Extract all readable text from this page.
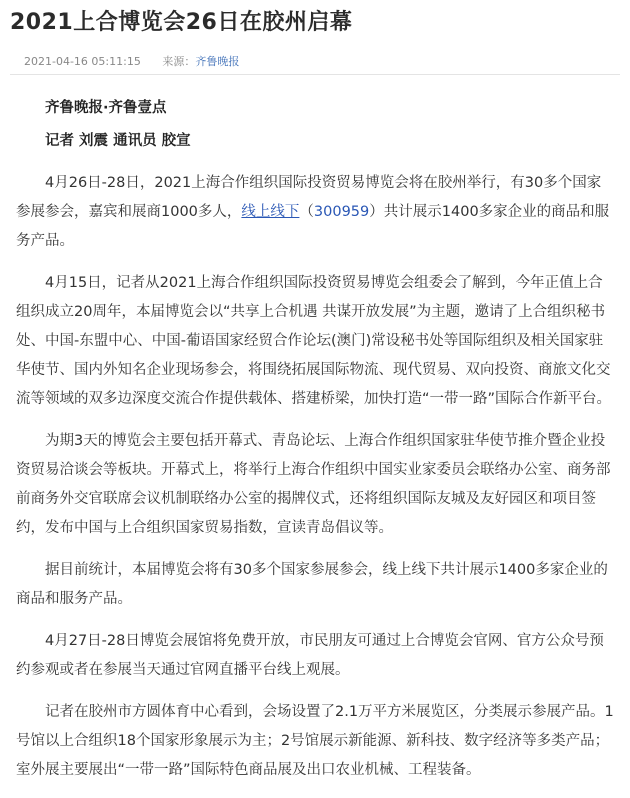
2021上合博览会26日在胶州启幕
2021-04-16 05:11:15 来源：齐鲁晚报

齐鲁晚报·齐鲁壹点

记者 刘震 通讯员 胶宣

4月26日-28日，2021上海合作组织国际投资贸易博览会将在胶州举行，有30多个国家参展参会，嘉宾和展商1000多人，线上线下（300959）共计展示1400多家企业的商品和服务产品。

4月15日，记者从2021上海合作组织国际投资贸易博览会组委会了解到，今年正值上合组织成立20周年，本届博览会以“共享上合机遇 共谋开放发展”为主题，邀请了上合组织秘书处、中国-东盟中心、中国-葡语国家经贸合作论坛(澳门)常设秘书处等国际组织及相关国家驻华使节、国内外知名企业现场参会，将围绕拓展国际物流、现代贸易、双向投资、商旅文化交流等领域的双多边深度交流合作提供载体、搭建桥梁，加快打造“一带一路”国际合作新平台。

为期3天的博览会主要包括开幕式、青岛论坛、上海合作组织国家驻华使节推介暨企业投资贸易洽谈会等板块。开幕式上，将举行上海合作组织中国实业家委员会联络办公室、商务部前商务外交官联席会议机制联络办公室的揭牌仪式，还将组织国际友城及友好园区和项目签约，发布中国与上合组织国家贸易指数，宣读青岛倡议等。

据目前统计，本届博览会将有30多个国家参展参会，线上线下共计展示1400多家企业的商品和服务产品。

4月27日-28日博览会展馆将免费开放，市民朋友可通过上合博览会官网、官方公众号预约参观或者在参展当天通过官网直播平台线上观展。

记者在胶州市方圆体育中心看到，会场设置了2.1万平方米展览区，分类展示参展产品。1号馆以上合组织18个国家形象展示为主；2号馆展示新能源、新科技、数字经济等多类产品；室外展主要展出“一带一路”国际特色商品展及出口农业机械、工程装备。
